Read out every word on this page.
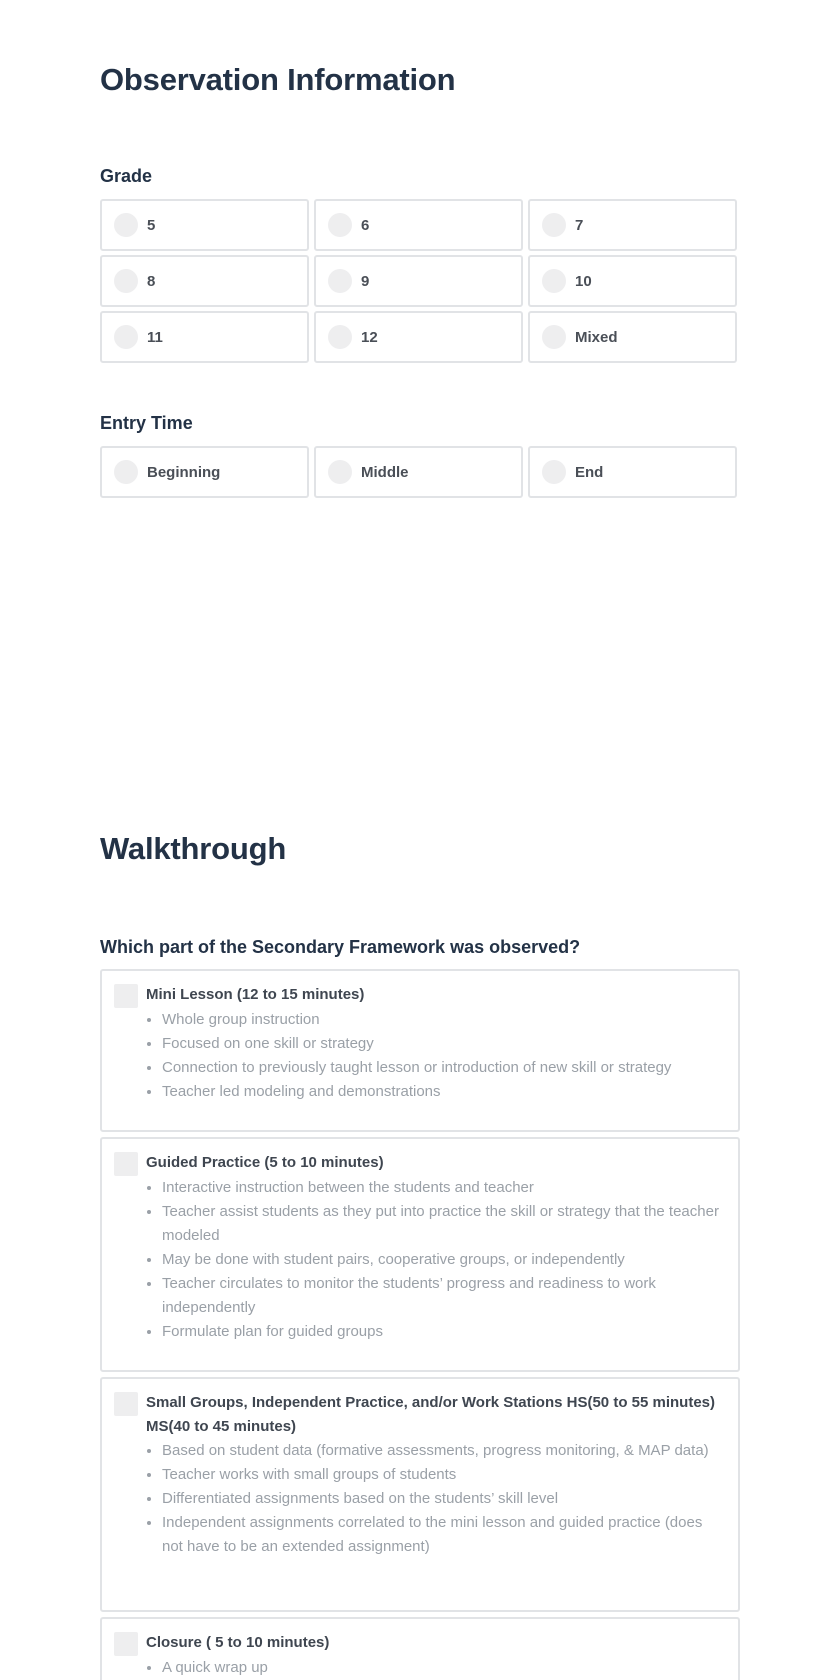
Observation Information
Grade
5	6	7
8	9	10
11	12	Mixed
Entry Time
Beginning	Middle	End
Walkthrough
Which part of the Secondary Framework was observed?
Mini Lesson (12 to 15 minutes)
• Whole group instruction
• Focused on one skill or strategy
• Connection to previously taught lesson or introduction of new skill or strategy
• Teacher led modeling and demonstrations
Guided Practice (5 to 10 minutes)
• Interactive instruction between the students and teacher
• Teacher assist students as they put into practice the skill or strategy that the teacher modeled
• May be done with student pairs, cooperative groups, or independently
• Teacher circulates to monitor the students’ progress and readiness to work independently
• Formulate plan for guided groups
Small Groups, Independent Practice, and/or Work Stations HS(50 to 55 minutes) MS(40 to 45 minutes)
• Based on student data (formative assessments, progress monitoring, & MAP data)
• Teacher works with small groups of students
• Differentiated assignments based on the students’ skill level
• Independent assignments correlated to the mini lesson and guided practice (does not have to be an extended assignment)
Closure ( 5 to 10 minutes)
• A quick wrap up
